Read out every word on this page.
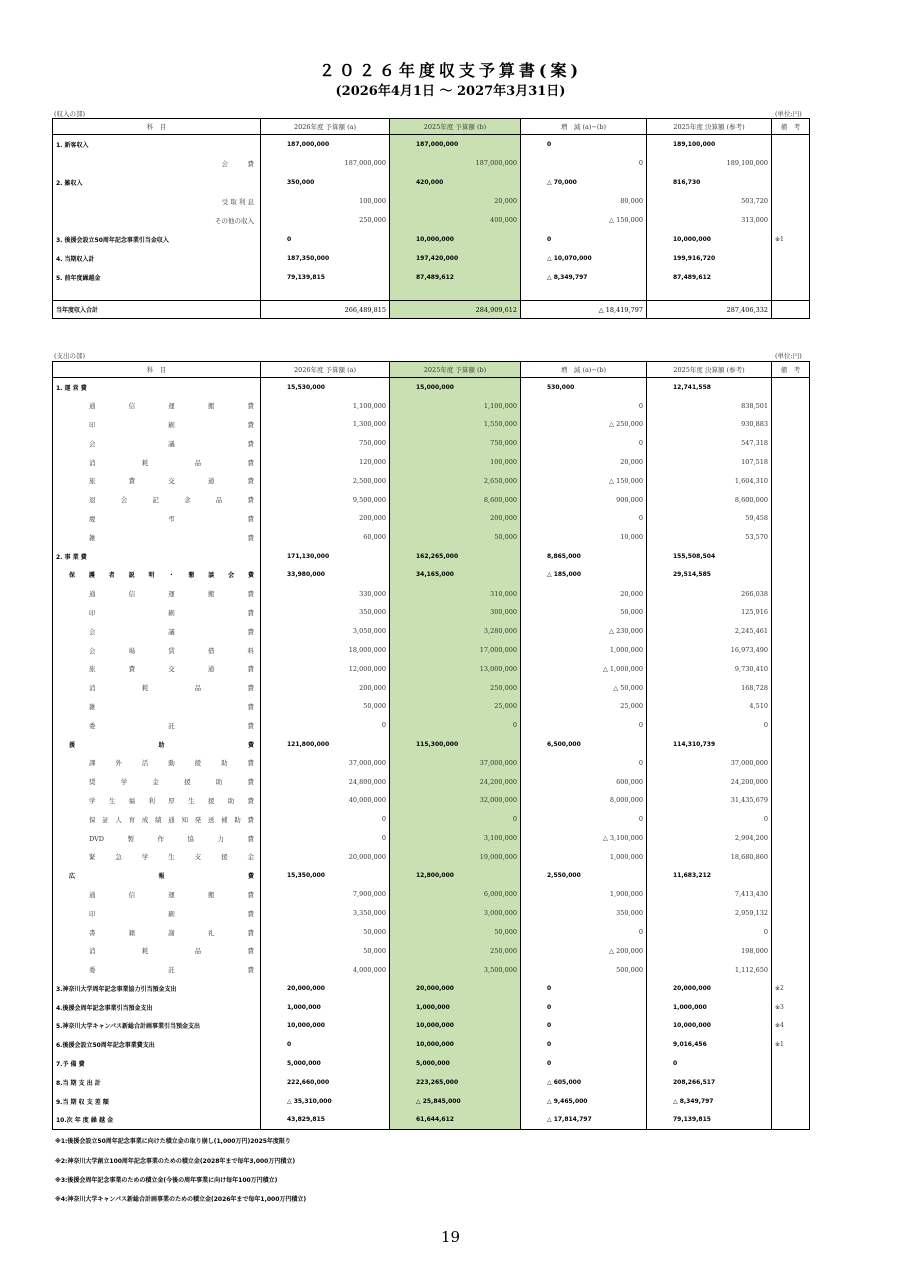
２０２６年度収支予算書(案)
(2026年4月1日 〜 2027年3月31日)
(収入の部)	(単位:円)
科　目	2026年度 予算額 (a)	2025年度 予算額 (b)	増　減 (a)−(b)	2025年度 決算額 (参考)	備　考
1. 新客収入	187,000,000	187,000,000	0	189,100,000	
会　　　費	187,000,000	187,000,000	0	189,100,000	
2. 雑収入	350,000	420,000	△ 70,000	816,730	
受 取 利 息	100,000	20,000	80,000	503,720	
その他の収入	250,000	400,000	△ 150,000	313,000	
3. 後援会設立50周年記念事業引当金収入	0	10,000,000	0	10,000,000	※1
4. 当期収入計	187,350,000	197,420,000	△ 10,070,000	199,916,720	
5. 前年度繰越金	79,139,815	87,489,612	△ 8,349,797	87,489,612	

当年度収入合計	266,489,815	284,909,612	△ 18,419,797	287,406,332	
(支出の部)	(単位:円)
科　目	2026年度 予算額 (a)	2025年度 予算額 (b)	増　減 (a)−(b)	2025年度 決算額 (参考)	備　考
1. 運 営 費	15,530,000	15,000,000	530,000	12,741,558	
通信運搬費	1,100,000	1,100,000	0	838,501	
印刷費	1,300,000	1,550,000	△ 250,000	930,883	
会議費	750,000	750,000	0	547,318	
消耗品費	120,000	100,000	20,000	107,518	
旅費交通費	2,500,000	2,650,000	△ 150,000	1,604,310	
退会記念品費	9,500,000	8,600,000	900,000	8,600,000	
慶弔費	200,000	200,000	0	59,458	
雑費	60,000	50,000	10,000	53,570	
2. 事 業 費	171,130,000	162,265,000	8,865,000	155,508,504	
保護者説明・懇談会費	33,980,000	34,165,000	△ 185,000	29,514,585	
通信運搬費	330,000	310,000	20,000	266,038	
印刷費	350,000	300,000	50,000	125,916	
会議費	3,050,000	3,280,000	△ 230,000	2,245,461	
会場賃借料	18,000,000	17,000,000	1,000,000	16,973,490	
旅費交通費	12,000,000	13,000,000	△ 1,000,000	9,730,410	
消耗品費	200,000	250,000	△ 50,000	168,728	
雑費	50,000	25,000	25,000	4,510	
委託費	0	0	0	0	
援助費	121,800,000	115,300,000	6,500,000	114,310,739	
課外活動援助費	37,000,000	37,000,000	0	37,000,000	
奨学金援助費	24,800,000	24,200,000	600,000	24,200,000	
学生福利厚生援助費	40,000,000	32,000,000	8,000,000	31,435,679	
保証人育成績通知発送補助費	0	0	0	0	
DVD製作協力費	0	3,100,000	△ 3,100,000	2,994,200	
緊急学生支援金	20,000,000	19,000,000	1,000,000	18,680,860	
広報費	15,350,000	12,800,000	2,550,000	11,683,212	
通信運搬費	7,900,000	6,000,000	1,900,000	7,413,430	
印刷費	3,350,000	3,000,000	350,000	2,959,132	
書籍謝礼費	50,000	50,000	0	0	
消耗品費	50,000	250,000	△ 200,000	198,000	
委託費	4,000,000	3,500,000	500,000	1,112,650	
3.神奈川大学周年記念事業協力引当預金支出	20,000,000	20,000,000	0	20,000,000	※2
4.後援会周年記念事業引当預金支出	1,000,000	1,000,000	0	1,000,000	※3
5.神奈川大学キャンパス新総合計画事業引当預金支出	10,000,000	10,000,000	0	10,000,000	※4
6.後援会設立50周年記念事業費支出	0	10,000,000	0	9,016,456	※1
7.予 備 費	5,000,000	5,000,000	0	0	
8.当 期 支 出 計	222,660,000	223,265,000	△ 605,000	208,266,517	
9.当 期 収 支 差 額	△ 35,310,000	△ 25,845,000	△ 9,465,000	△ 8,349,797	
10.次 年 度 繰 越 金	43,829,815	61,644,612	△ 17,814,797	79,139,815	
※1:後援会設立50周年記念事業に向けた積立金の取り崩し(1,000万円)2025年度限り
※2:神奈川大学創立100周年記念事業のための積立金(2028年まで毎年3,000万円積立)
※3:後援会周年記念事業のための積立金(今後の周年事業に向け毎年100万円積立)
※4:神奈川大学キャンパス新総合計画事業のための積立金(2026年まで毎年1,000万円積立)
19
